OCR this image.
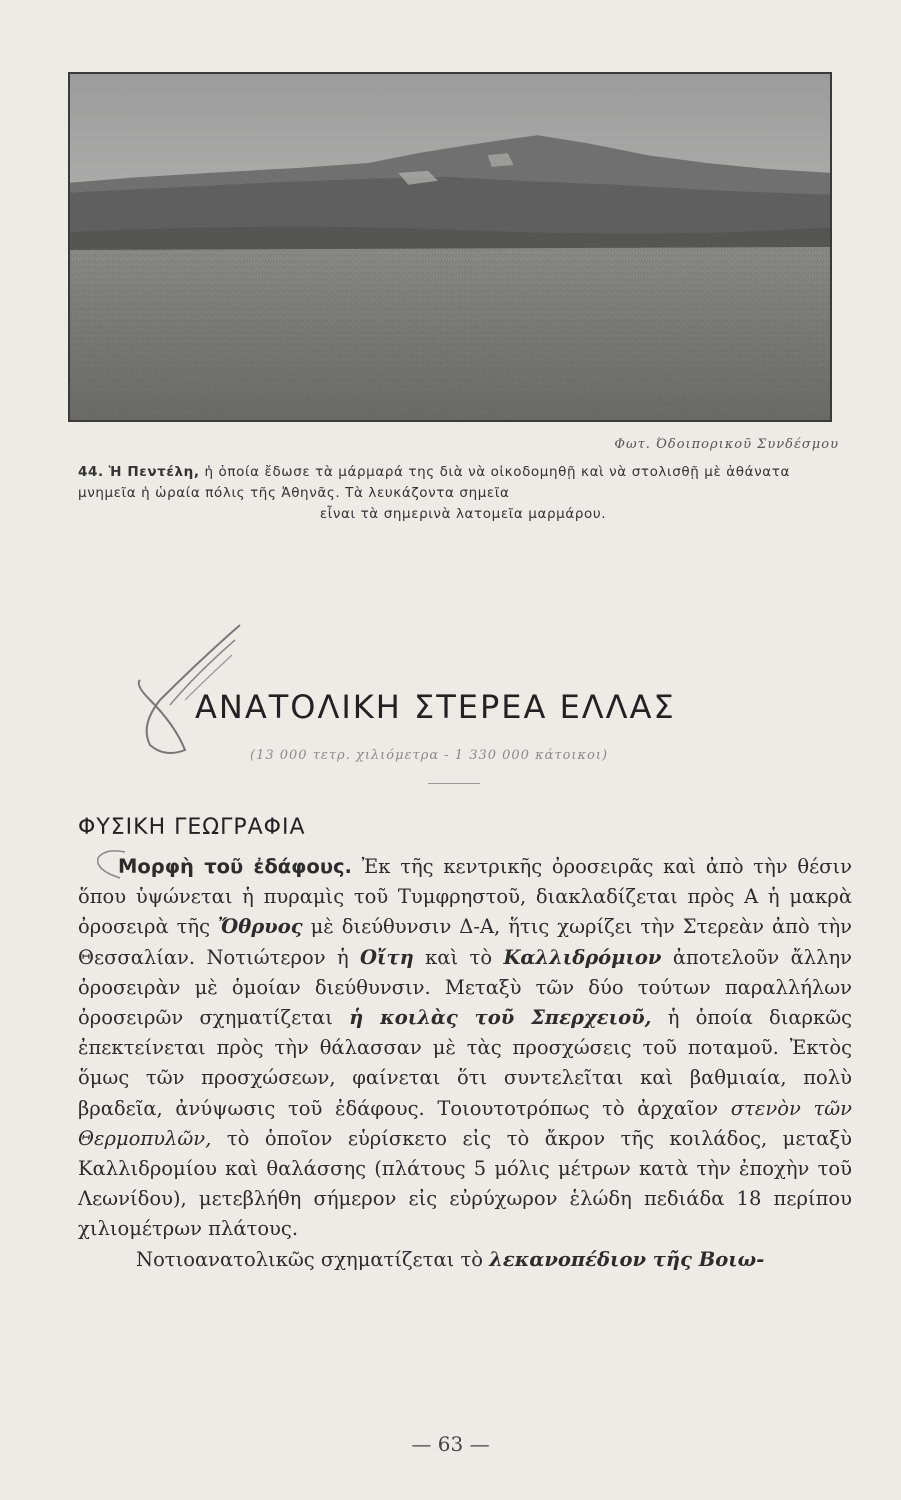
Φωτ. Όδοιπορικοῦ Συνδέσμου
44. Ἡ Πεντέλη, ἡ ὁποία ἔδωσε τὰ μάρμαρά της διὰ νὰ οἰκοδομηθῇ καὶ νὰ στολισθῇ μὲ ἀθάνατα μνημεῖα ἡ ὡραία πόλις τῆς Ἀθηνᾶς. Τὰ λευκάζοντα σημεῖα
εἶναι τὰ σημερινὰ λατομεῖα μαρμάρου.
ΑΝΑΤΟΛΙΚΗ ΣΤΕΡΕΑ ΕΛΛΑΣ
(13 000 τετρ. χιλιόμετρα - 1 330 000 κάτοικοι)
ΦΥΣΙΚΗ ΓΕΩΓΡΑΦΙΑ

Μορφὴ τοῦ ἐδάφους. Ἐκ τῆς κεντρικῆς ὀροσειρᾶς καὶ ἀπὸ τὴν θέσιν ὅπου ὑψώνεται ἡ πυραμὶς τοῦ Τυμφρηστοῦ, διακλαδίζεται πρὸς Α ἡ μακρὰ ὀροσειρὰ τῆς Ὄθρυος μὲ διεύθυνσιν Δ-Α, ἥτις χωρίζει τὴν Στερεὰν ἀπὸ τὴν Θεσσαλίαν. Νοτιώτερον ἡ Οἴτη καὶ τὸ Καλλιδρόμιον ἀποτελοῦν ἄλλην ὀροσειρὰν μὲ ὁμοίαν διεύθυνσιν. Μεταξὺ τῶν δύο τούτων παραλλήλων ὀροσειρῶν σχηματίζεται ἡ κοιλὰς τοῦ Σπερχειοῦ, ἡ ὁποία διαρκῶς ἐπεκτείνεται πρὸς τὴν θάλασσαν μὲ τὰς προσχώσεις τοῦ ποταμοῦ. Ἐκτὸς ὅμως τῶν προσχώσεων, φαίνεται ὅτι συντελεῖται καὶ βαθμιαία, πολὺ βραδεῖα, ἀνύψωσις τοῦ ἐδάφους. Τοιουτοτρόπως τὸ ἀρχαῖον στενὸν τῶν Θερμοπυλῶν, τὸ ὁποῖον εὑρίσκετο εἰς τὸ ἄκρον τῆς κοιλάδος, μεταξὺ Καλλιδρομίου καὶ θαλάσσης (πλάτους 5 μόλις μέτρων κατὰ τὴν ἐποχὴν τοῦ Λεωνίδου), μετεβλήθη σήμερον εἰς εὐρύχωρον ἑλώδη πεδιάδα 18 περίπου χιλιομέτρων πλάτους.

Νοτιοανατολικῶς σχηματίζεται τὸ λεκανοπέδιον τῆς Βοιω-

— 63 —
